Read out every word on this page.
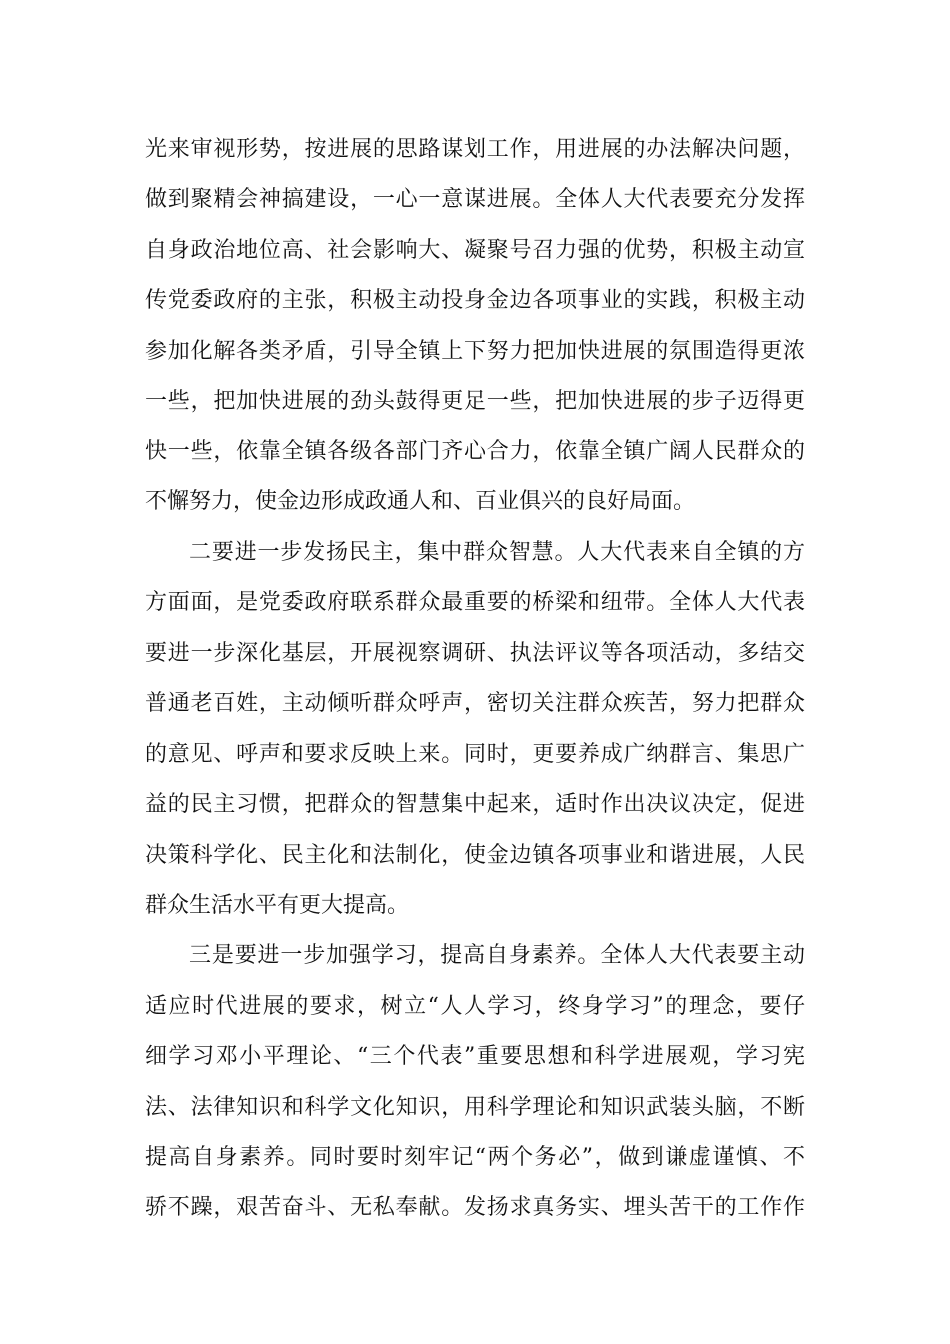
光来审视形势，按进展的思路谋划工作，用进展的办法解决问题，
做到聚精会神搞建设，一心一意谋进展。全体人大代表要充分发挥
自身政治地位高、社会影响大、凝聚号召力强的优势，积极主动宣
传党委政府的主张，积极主动投身金边各项事业的实践，积极主动
参加化解各类矛盾，引导全镇上下努力把加快进展的氛围造得更浓
一些，把加快进展的劲头鼓得更足一些，把加快进展的步子迈得更
快一些，依靠全镇各级各部门齐心合力，依靠全镇广阔人民群众的
不懈努力，使金边形成政通人和、百业俱兴的良好局面。
二要进一步发扬民主，集中群众智慧。人大代表来自全镇的方
方面面，是党委政府联系群众最重要的桥梁和纽带。全体人大代表
要进一步深化基层，开展视察调研、执法评议等各项活动，多结交
普通老百姓，主动倾听群众呼声，密切关注群众疾苦，努力把群众
的意见、呼声和要求反映上来。同时，更要养成广纳群言、集思广
益的民主习惯，把群众的智慧集中起来，适时作出决议决定，促进
决策科学化、民主化和法制化，使金边镇各项事业和谐进展，人民
群众生活水平有更大提高。
三是要进一步加强学习，提高自身素养。全体人大代表要主动
适应时代进展的要求，树立“人人学习，终身学习”的理念，要仔
细学习邓小平理论、“三个代表”重要思想和科学进展观，学习宪
法、法律知识和科学文化知识，用科学理论和知识武装头脑，不断
提高自身素养。同时要时刻牢记“两个务必”，做到谦虚谨慎、不
骄不躁，艰苦奋斗、无私奉献。发扬求真务实、埋头苦干的工作作
